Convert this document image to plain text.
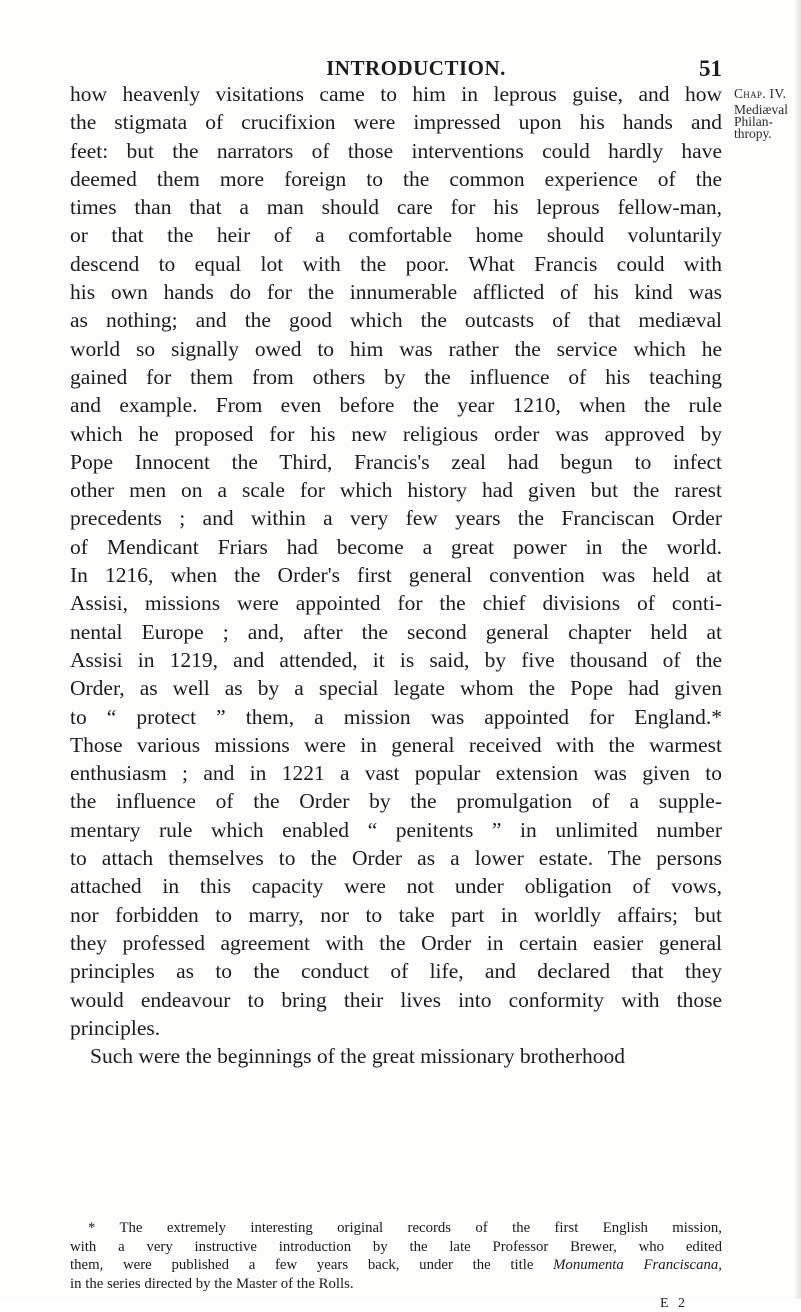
INTRODUCTION.	51
Chap. IV.
Mediæval
Philan-
thropy.
how heavenly visitations came to him in leprous guise, and how
the stigmata of crucifixion were impressed upon his hands and
feet: but the narrators of those interventions could hardly have
deemed them more foreign to the common experience of the
times than that a man should care for his leprous fellow-man,
or that the heir of a comfortable home should voluntarily
descend to equal lot with the poor. What Francis could with
his own hands do for the innumerable afflicted of his kind was
as nothing; and the good which the outcasts of that mediæval
world so signally owed to him was rather the service which he
gained for them from others by the influence of his teaching
and example. From even before the year 1210, when the rule
which he proposed for his new religious order was approved by
Pope Innocent the Third, Francis's zeal had begun to infect
other men on a scale for which history had given but the rarest
precedents ; and within a very few years the Franciscan Order
of Mendicant Friars had become a great power in the world.
In 1216, when the Order's first general convention was held at
Assisi, missions were appointed for the chief divisions of conti-
nental Europe ; and, after the second general chapter held at
Assisi in 1219, and attended, it is said, by five thousand of the
Order, as well as by a special legate whom the Pope had given
to “ protect ” them, a mission was appointed for England.*
Those various missions were in general received with the warmest
enthusiasm ; and in 1221 a vast popular extension was given to
the influence of the Order by the promulgation of a supple-
mentary rule which enabled “ penitents ” in unlimited number
to attach themselves to the Order as a lower estate. The persons
attached in this capacity were not under obligation of vows,
nor forbidden to marry, nor to take part in worldly affairs; but
they professed agreement with the Order in certain easier general
principles as to the conduct of life, and declared that they
would endeavour to bring their lives into conformity with those
principles.
Such were the beginnings of the great missionary brotherhood
* The extremely interesting original records of the first English mission,
with a very instructive introduction by the late Professor Brewer, who edited
them, were published a few years back, under the title Monumenta Franciscana,
in the series directed by the Master of the Rolls.
E 2
